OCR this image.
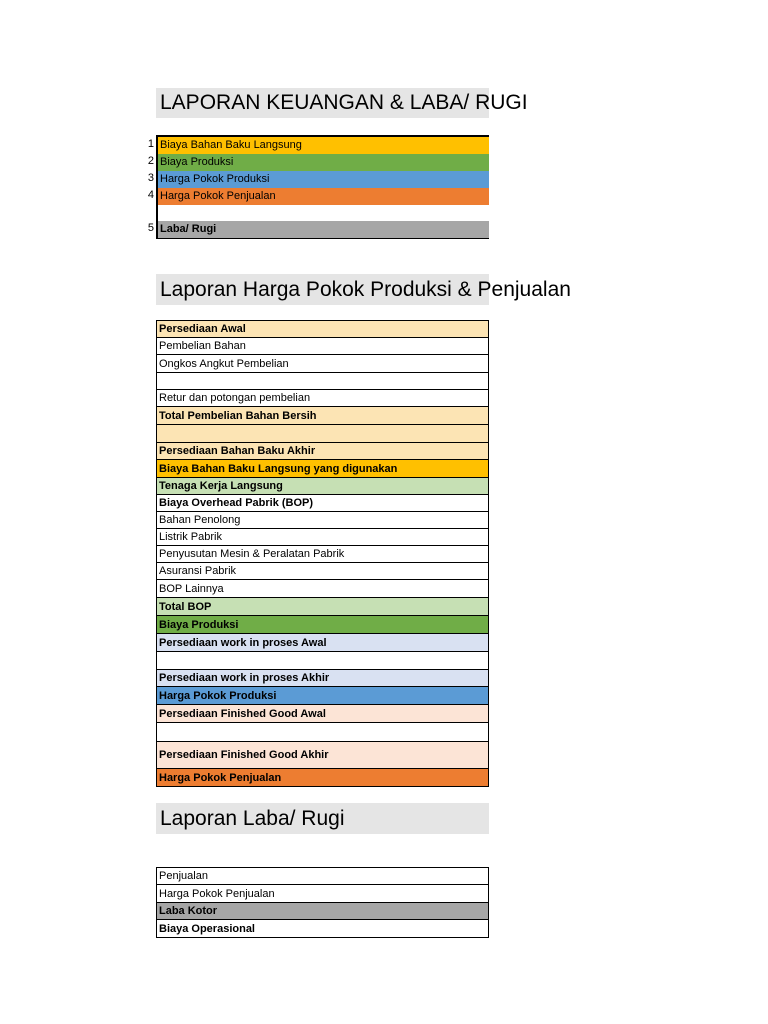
LAPORAN KEUANGAN & LABA/ RUGI
1
2
3
4
5
Biaya Bahan Baku Langsung
Biaya Produksi
Harga Pokok Produksi
Harga Pokok Penjualan
Laba/ Rugi
Laporan Harga Pokok Produksi & Penjualan
Persediaan Awal
Pembelian Bahan
Ongkos Angkut Pembelian
Retur dan potongan pembelian
Total Pembelian Bahan Bersih
Persediaan Bahan Baku Akhir
Biaya Bahan Baku Langsung yang digunakan
Tenaga Kerja Langsung
Biaya Overhead Pabrik (BOP)
Bahan Penolong
Listrik Pabrik
Penyusutan Mesin & Peralatan Pabrik
Asuransi Pabrik
BOP Lainnya
Total BOP
Biaya Produksi
Persediaan work in proses Awal
Persediaan work in proses Akhir
Harga Pokok Produksi
Persediaan Finished Good Awal
Persediaan Finished Good Akhir
Harga Pokok Penjualan
Laporan Laba/ Rugi
Penjualan
Harga Pokok Penjualan
Laba Kotor
Biaya Operasional
